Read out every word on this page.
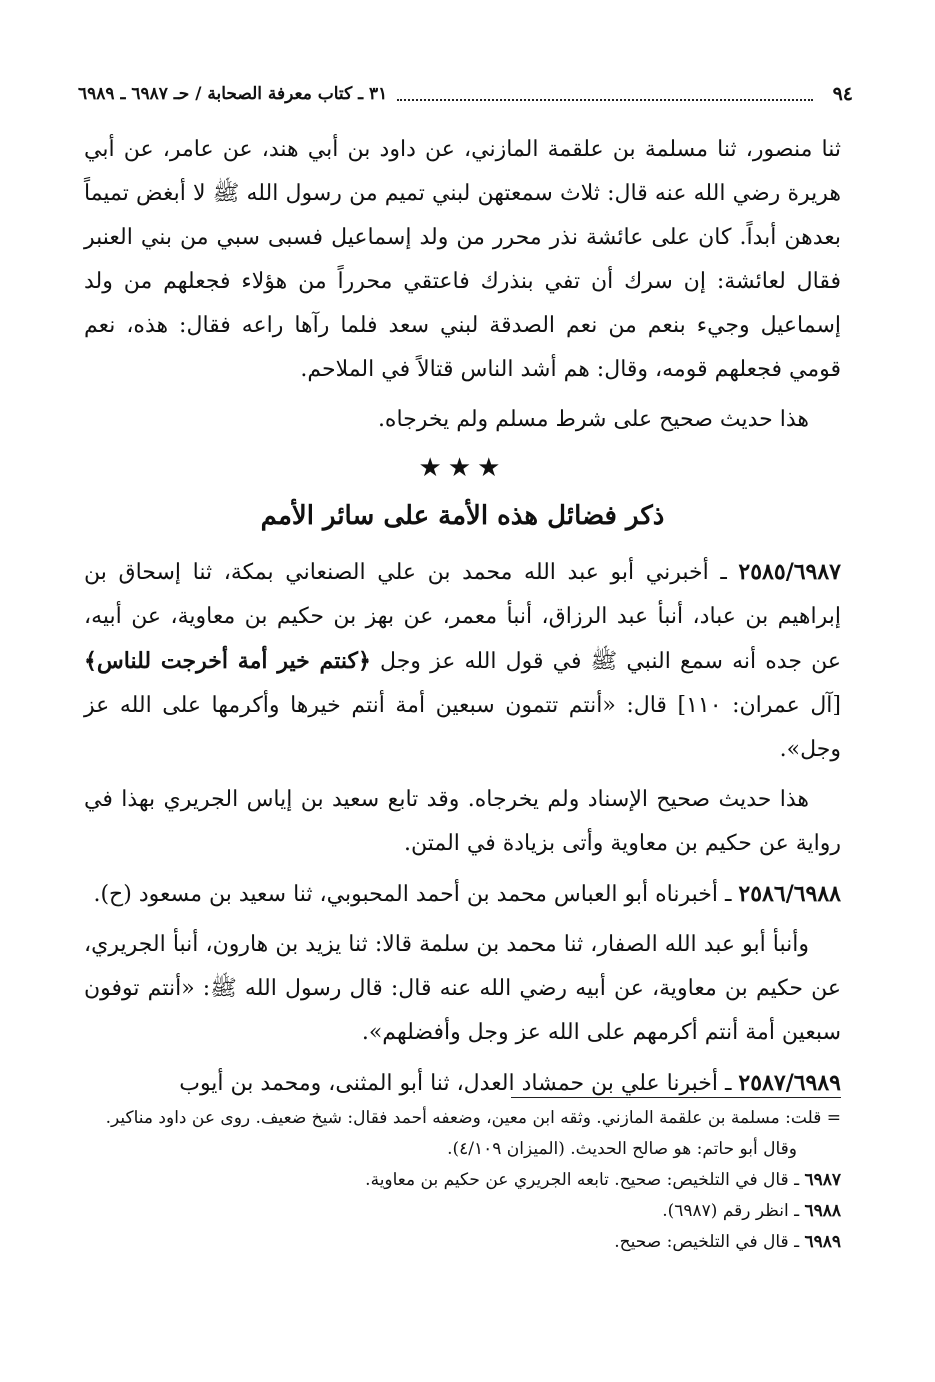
٩٤
٣١ ـ كتاب معرفة الصحابة / حـ ٦٩٨٧ ـ ٦٩٨٩

ثنا منصور، ثنا مسلمة بن علقمة المازني، عن داود بن أبي هند، عن عامر، عن أبي هريرة رضي الله عنه قال: ثلاث سمعتهن لبني تميم من رسول الله ﷺ لا أبغض تميماً بعدهن أبداً. كان على عائشة نذر محرر من ولد إسماعيل فسبى سبي من بني العنبر فقال لعائشة: إن سرك أن تفي بنذرك فاعتقي محرراً من هؤلاء فجعلهم من ولد إسماعيل وجيء بنعم من نعم الصدقة لبني سعد فلما رآها راعه فقال: هذه، نعم قومي فجعلهم قومه، وقال: هم أشد الناس قتالاً في الملاحم.

هذا حديث صحيح على شرط مسلم ولم يخرجاه.

★★★
ذكر فضائل هذه الأمة على سائر الأمم

٢٥٨٥/٦٩٨٧ ـ أخبرني أبو عبد الله محمد بن علي الصنعاني بمكة، ثنا إسحاق بن إبراهيم بن عباد، أنبأ عبد الرزاق، أنبأ معمر، عن بهز بن حكيم بن معاوية، عن أبيه، عن جده أنه سمع النبي ﷺ في قول الله عز وجل ﴿كنتم خير أمة أخرجت للناس﴾ [آل عمران: ١١٠] قال: «أنتم تتمون سبعين أمة أنتم خيرها وأكرمها على الله عز وجل».

هذا حديث صحيح الإسناد ولم يخرجاه. وقد تابع سعيد بن إياس الجريري بهذا في رواية عن حكيم بن معاوية وأتى بزيادة في المتن.

٢٥٨٦/٦٩٨٨ ـ أخبرناه أبو العباس محمد بن أحمد المحبوبي، ثنا سعيد بن مسعود (ح).

وأنبأ أبو عبد الله الصفار، ثنا محمد بن سلمة قالا: ثنا يزيد بن هارون، أنبأ الجريري، عن حكيم بن معاوية، عن أبيه رضي الله عنه قال: قال رسول الله ﷺ: «أنتم توفون سبعين أمة أنتم أكرمهم على الله عز وجل وأفضلهم».

٢٥٨٧/٦٩٨٩ ـ أخبرنا علي بن حمشاد العدل، ثنا أبو المثنى، ومحمد بن أيوب

= قلت: مسلمة بن علقمة المازني. وثقه ابن معين، وضعفه أحمد فقال: شيخ ضعيف. روى عن داود مناكير.

وقال أبو حاتم: هو صالح الحديث. (الميزان ٤/١٠٩).

٦٩٨٧ ـ قال في التلخيص: صحيح. تابعه الجريري عن حكيم بن معاوية.

٦٩٨٨ ـ انظر رقم (٦٩٨٧).

٦٩٨٩ ـ قال في التلخيص: صحيح.
